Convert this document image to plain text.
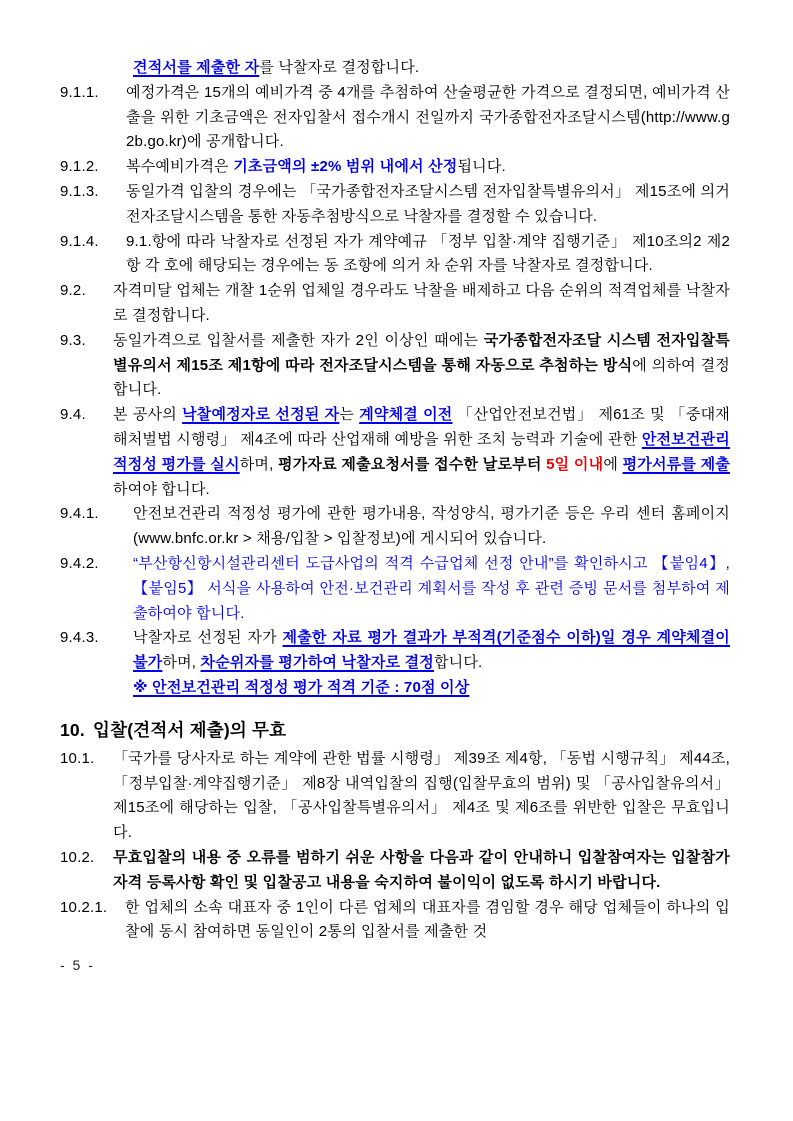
견적서를 제출한 자를 낙찰자로 결정합니다.
9.1.1.	예정가격은 15개의 예비가격 중 4개를 추첨하여 산술평균한 가격으로 결정되면, 예비가격 산출을 위한 기초금액은 전자입찰서 접수개시 전일까지 국가종합전자조달시스템(http://www.g2b.go.kr)에 공개합니다.
9.1.2.	복수예비가격은 기초금액의 ±2% 범위 내에서 산정됩니다.
9.1.3.	동일가격 입찰의 경우에는 「국가종합전자조달시스템 전자입찰특별유의서」 제15조에 의거 전자조달시스템을 통한 자동추첨방식으로 낙찰자를 결정할 수 있습니다.
9.1.4.	9.1.항에 따라 낙찰자로 선정된 자가 계약예규 「정부 입찰·계약 집행기준」 제10조의2 제2항 각 호에 해당되는 경우에는 동 조항에 의거 차 순위 자를 낙찰자로 결정합니다.
9.2.	자격미달 업체는 개찰 1순위 업체일 경우라도 낙찰을 배제하고 다음 순위의 적격업체를 낙찰자로 결정합니다.
9.3.	동일가격으로 입찰서를 제출한 자가 2인 이상인 때에는 국가종합전자조달 시스템 전자입찰특별유의서 제15조 제1항에 따라 전자조달시스템을 통해 자동으로 추첨하는 방식에 의하여 결정합니다.
9.4.	본 공사의 낙찰예정자로 선정된 자는 계약체결 이전 「산업안전보건법」 제61조 및 「중대재해처벌법 시행령」 제4조에 따라 산업재해 예방을 위한 조치 능력과 기술에 관한 안전보건관리 적정성 평가를 실시하며, 평가자료 제출요청서를 접수한 날로부터 5일 이내에 평가서류를 제출하여야 합니다.
9.4.1.	안전보건관리 적정성 평가에 관한 평가내용, 작성양식, 평가기준 등은 우리 센터 홈페이지(www.bnfc.or.kr > 채용/입찰 > 입찰정보)에 게시되어 있습니다.
9.4.2.	“부산항신항시설관리센터 도급사업의 적격 수급업체 선정 안내”를 확인하시고 【붙임4】, 【붙임5】 서식을 사용하여 안전·보건관리 계획서를 작성 후 관련 증빙 문서를 첨부하여 제출하여야 합니다.
9.4.3.	낙찰자로 선정된 자가 제출한 자료 평가 결과가 부적격(기준점수 이하)일 경우 계약체결이 불가하며, 차순위자를 평가하여 낙찰자로 결정합니다.
※ 안전보건관리 적정성 평가 적격 기준 : 70점 이상
10. 입찰(견적서 제출)의 무효
10.1.	「국가를 당사자로 하는 계약에 관한 법률 시행령」 제39조 제4항, 「동법 시행규칙」 제44조, 「정부입찰·계약집행기준」 제8장 내역입찰의 집행(입찰무효의 범위) 및 「공사입찰유의서」 제15조에 해당하는 입찰, 「공사입찰특별유의서」 제4조 및 제6조를 위반한 입찰은 무효입니다.
10.2.	무효입찰의 내용 중 오류를 범하기 쉬운 사항을 다음과 같이 안내하니 입찰참여자는 입찰참가자격 등록사항 확인 및 입찰공고 내용을 숙지하여 불이익이 없도록 하시기 바랍니다.
10.2.1.	한 업체의 소속 대표자 중 1인이 다른 업체의 대표자를 겸임할 경우 해당 업체들이 하나의 입찰에 동시 참여하면 동일인이 2통의 입찰서를 제출한 것
- 5 -
